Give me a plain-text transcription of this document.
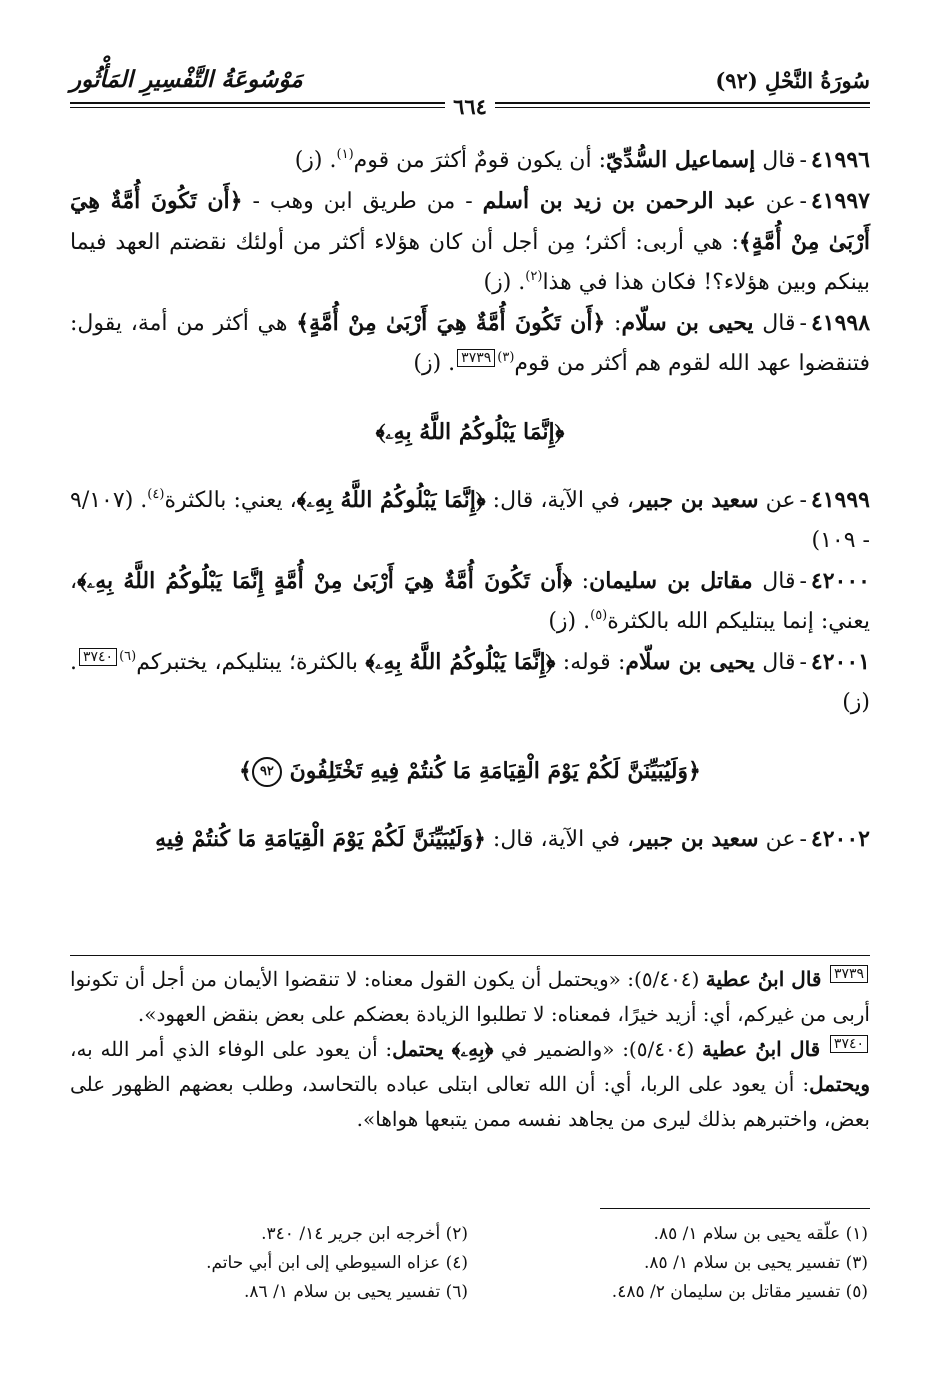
سُورَةُ النَّحْلِ (٩٢)
مَوْسُوعَةُ التَّفْسِيرِ المَأْثُور
٦٦٤

٤١٩٩٦-قال إسماعيل السُّدِّيّ: أن يكون قومٌ أكثرَ من قوم$^{(١)}$. (ز)

٤١٩٩٧-عن عبد الرحمن بن زيد بن أسلم - من طريق ابن وهب - ﴿أَن تَكُونَ أُمَّةٌ هِيَ أَرْبَىٰ مِنْ أُمَّةٍ﴾: هي أربى: أكثر؛ مِن أجل أن كان هؤلاء أكثر من أولئك نقضتم العهد فيما بينكم وبين هؤلاء؟! فكان هذا في هذا$^{(٢)}$. (ز)

٤١٩٩٨-قال يحيى بن سلّام: ﴿أَن تَكُونَ أُمَّةٌ هِيَ أَرْبَىٰ مِنْ أُمَّةٍ﴾ هي أكثر من أمة، يقول: فتنقضوا عهد الله لقوم هم أكثر من قوم$^{(٣)}$٣٧٣٩. (ز)

﴿إِنَّمَا يَبْلُوكُمُ اللَّهُ بِهِۦ﴾

٤١٩٩٩-عن سعيد بن جبير، في الآية، قال: ﴿إِنَّمَا يَبْلُوكُمُ اللَّهُ بِهِۦ﴾، يعني: بالكثرة$^{(٤)}$. (٩/١٠٧ - ١٠٩)

٤٢٠٠٠-قال مقاتل بن سليمان: ﴿أَن تَكُونَ أُمَّةٌ هِيَ أَرْبَىٰ مِنْ أُمَّةٍ إِنَّمَا يَبْلُوكُمُ اللَّهُ بِهِۦ﴾، يعني: إنما يبتليكم الله بالكثرة$^{(٥)}$. (ز)

٤٢٠٠١-قال يحيى بن سلّام: قوله: ﴿إِنَّمَا يَبْلُوكُمُ اللَّهُ بِهِۦ﴾ بالكثرة؛ يبتليكم، يختبركم$^{(٦)}$٣٧٤٠. (ز)

﴿وَلَيُبَيِّنَنَّ لَكُمْ يَوْمَ الْقِيَامَةِ مَا كُنتُمْ فِيهِ تَخْتَلِفُونَ ٩٢﴾

٤٢٠٠٢-عن سعيد بن جبير، في الآية، قال: ﴿وَلَيُبَيِّنَنَّ لَكُمْ يَوْمَ الْقِيَامَةِ مَا كُنتُمْ فِيهِ

٣٧٣٩ قال ابنُ عطية (٥/٤٠٤): «ويحتمل أن يكون القول معناه: لا تنقضوا الأيمان من أجل أن تكونوا أربى من غيركم، أي: أزيد خيرًا، فمعناه: لا تطلبوا الزيادة بعضكم على بعض بنقض العهود».

٣٧٤٠ قال ابنُ عطية (٥/٤٠٤): «والضمير في ﴿بِهِۦ﴾ يحتمل: أن يعود على الوفاء الذي أمر الله به، ويحتمل: أن يعود على الربا، أي: أن الله تعالى ابتلى عباده بالتحاسد، وطلب بعضهم الظهور على بعض، واختبرهم بذلك ليرى من يجاهد نفسه ممن يتبعها هواها».

(١) علّقه يحيى بن سلام ١/ ٨٥.
(٢) أخرجه ابن جرير ١٤/ ٣٤٠.
(٣) تفسير يحيى بن سلام ١/ ٨٥.
(٤) عزاه السيوطي إلى ابن أبي حاتم.
(٥) تفسير مقاتل بن سليمان ٢/ ٤٨٥.
(٦) تفسير يحيى بن سلام ١/ ٨٦.
